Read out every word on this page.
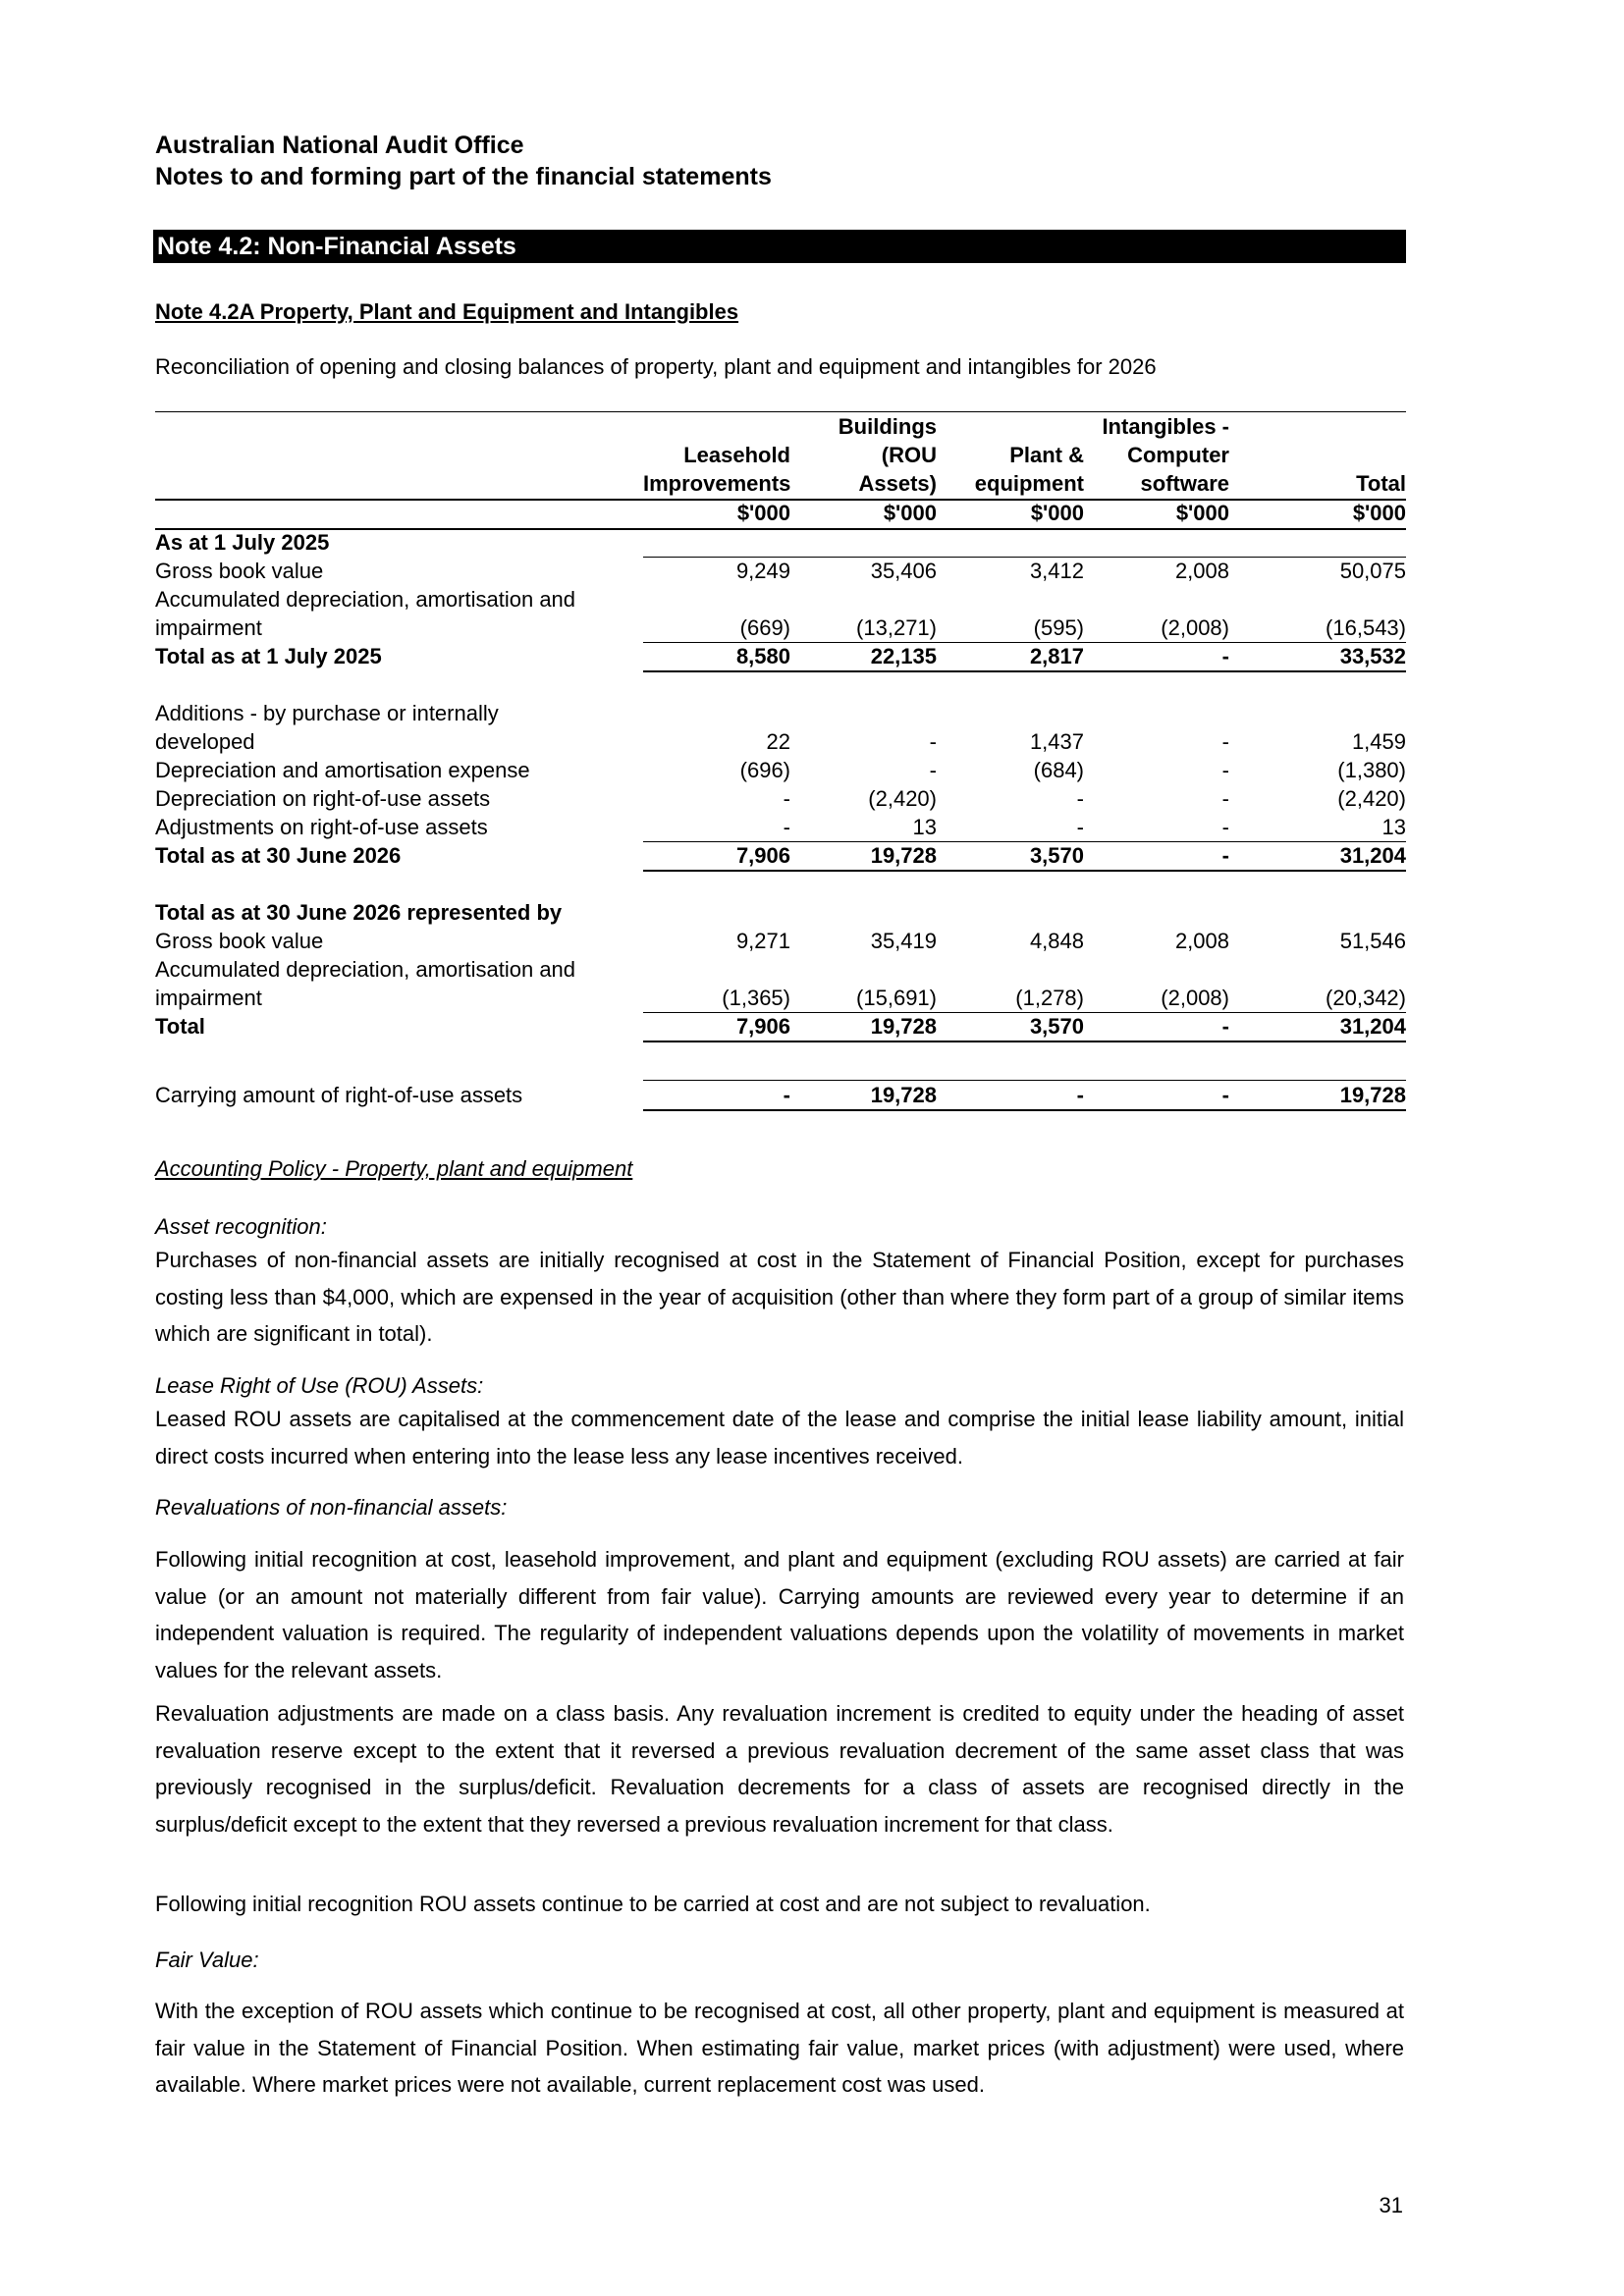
Australian National Audit Office
Notes to and forming part of the financial statements
Note 4.2: Non-Financial Assets
Note 4.2A Property, Plant and Equipment and Intangibles
Reconciliation of opening and closing balances of property, plant and equipment and intangibles for 2026
Buildings	Intangibles -
Leasehold	(ROU	Plant &	Computer
Improvements	Assets)	equipment	software	Total
$'000	$'000	$'000	$'000	$'000
As at 1 July 2025
Gross book value	9,249	35,406	3,412	2,008	50,075
Accumulated depreciation, amortisation and
impairment	(669)	(13,271)	(595)	(2,008)	(16,543)
Total as at 1 July 2025	8,580	22,135	2,817	-	33,532
Additions - by purchase or internally
developed	22	-	1,437	-	1,459
Depreciation and amortisation expense	(696)	-	(684)	-	(1,380)
Depreciation on right-of-use assets	-	(2,420)	-	-	(2,420)
Adjustments on right-of-use assets	-	13	-	-	13
Total as at 30 June 2026	7,906	19,728	3,570	-	31,204
Total as at 30 June 2026 represented by
Gross book value	9,271	35,419	4,848	2,008	51,546
Accumulated depreciation, amortisation and
impairment	(1,365)	(15,691)	(1,278)	(2,008)	(20,342)
Total	7,906	19,728	3,570	-	31,204
Carrying amount of right-of-use assets	-	19,728	-	-	19,728
Accounting Policy - Property, plant and equipment
Asset recognition:
Purchases of non-financial assets are initially recognised at cost in the Statement of Financial Position, except for purchases costing less than $4,000, which are expensed in the year of acquisition (other than where they form part of a group of similar items which are significant in total).
Lease Right of Use (ROU) Assets:
Leased ROU assets are capitalised at the commencement date of the lease and comprise the initial lease liability amount, initial direct costs incurred when entering into the lease less any lease incentives received.
Revaluations of non-financial assets:
Following initial recognition at cost, leasehold improvement, and plant and equipment (excluding ROU assets) are carried at fair value (or an amount not materially different from fair value). Carrying amounts are reviewed every year to determine if an independent valuation is required. The regularity of independent valuations depends upon the volatility of movements in market values for the relevant assets.
Revaluation adjustments are made on a class basis. Any revaluation increment is credited to equity under the heading of asset revaluation reserve except to the extent that it reversed a previous revaluation decrement of the same asset class that was previously recognised in the surplus/deficit. Revaluation decrements for a class of assets are recognised directly in the surplus/deficit except to the extent that they reversed a previous revaluation increment for that class.
Following initial recognition ROU assets continue to be carried at cost and are not subject to revaluation.
Fair Value:
With the exception of ROU assets which continue to be recognised at cost, all other property, plant and equipment is measured at fair value in the Statement of Financial Position. When estimating fair value, market prices (with adjustment) were used, where available. Where market prices were not available, current replacement cost was used.
31
